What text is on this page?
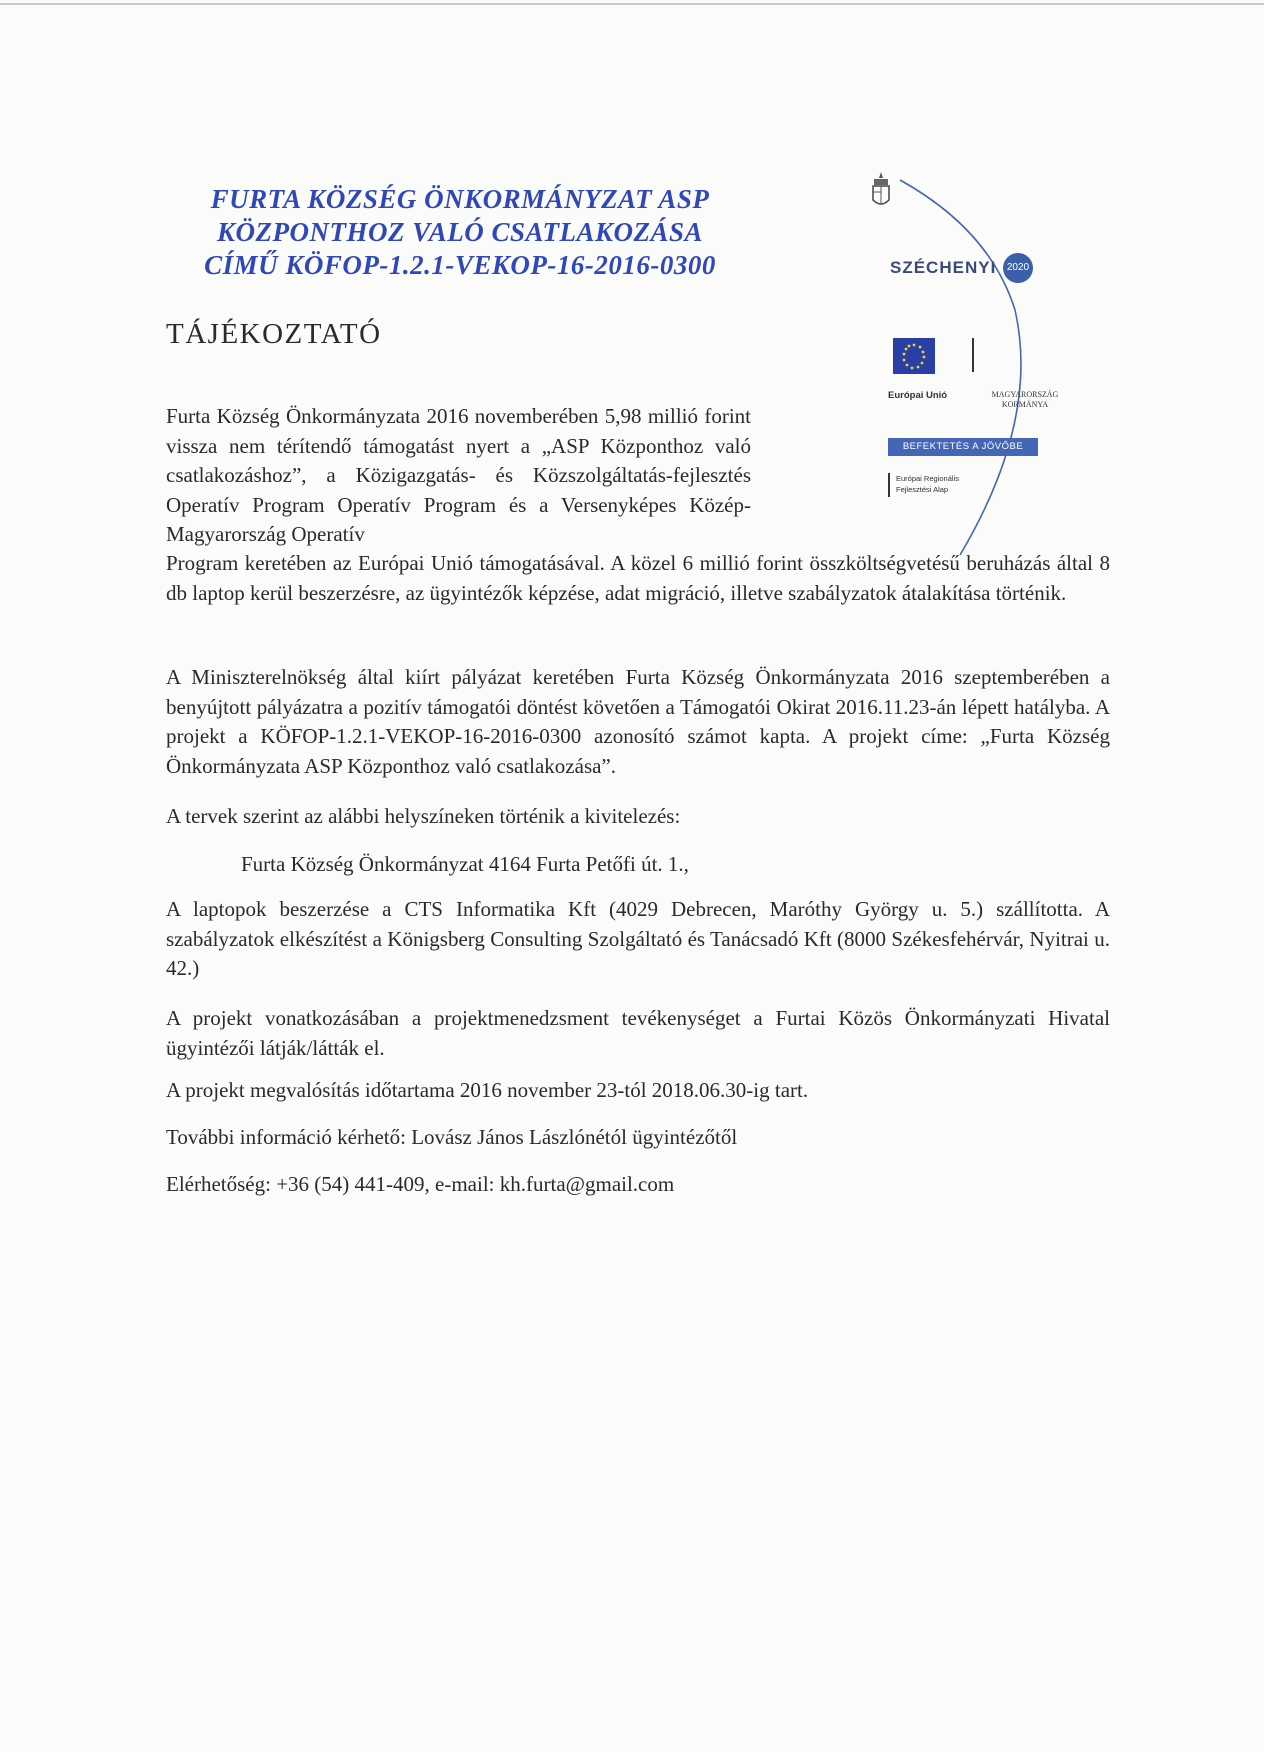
FURTA KÖZSÉG ÖNKORMÁNYZAT ASP
KÖZPONTHOZ VALÓ CSATLAKOZÁSA
CÍMŰ KÖFOP-1.2.1-VEKOP-16-2016-0300
TÁJÉKOZTATÓ
SZÉCHENYI	2020
Európai Unió	MAGYARORSZÁG
KORMÁNYA
BEFEKTETÉS A JÖVŐBE
Európai Regionális
Fejlesztési Alap

Furta Község Önkormányzata 2016 novemberében 5,98 millió forint vissza nem térítendő támogatást nyert a „ASP Központhoz való csatlakozáshoz”, a Közigazgatás- és Közszolgáltatás-fejlesztés Operatív Program Operatív Program és a Versenyképes Közép-Magyarország Operatív

Program keretében az Európai Unió támogatásával. A közel 6 millió forint összköltségvetésű beruházás által 8 db laptop kerül beszerzésre, az ügyintézők képzése, adat migráció, illetve szabályzatok átalakítása történik.

A Miniszterelnökség által kiírt pályázat keretében Furta Község Önkormányzata 2016 szeptemberében a benyújtott pályázatra a pozitív támogatói döntést követően a Támogatói Okirat 2016.11.23-án lépett hatályba. A projekt a KÖFOP-1.2.1-VEKOP-16-2016-0300 azonosító számot kapta. A projekt címe: „Furta Község Önkormányzata ASP Központhoz való csatlakozása”.

A tervek szerint az alábbi helyszíneken történik a kivitelezés:

Furta Község Önkormányzat 4164 Furta Petőfi út. 1.,

A laptopok beszerzése a CTS Informatika Kft (4029 Debrecen, Maróthy György u. 5.) szállította. A szabályzatok elkészítést a Königsberg Consulting Szolgáltató és Tanácsadó Kft (8000 Székesfehérvár, Nyitrai u. 42.)

A projekt vonatkozásában a projektmenedzsment tevékenységet a Furtai Közös Önkormányzati Hivatal ügyintézői látják/látták el.

A projekt megvalósítás időtartama 2016 november 23-tól 2018.06.30-ig tart.

További információ kérhető: Lovász János Lászlónétól ügyintézőtől

Elérhetőség: +36 (54) 441-409, e-mail: kh.furta@gmail.com
